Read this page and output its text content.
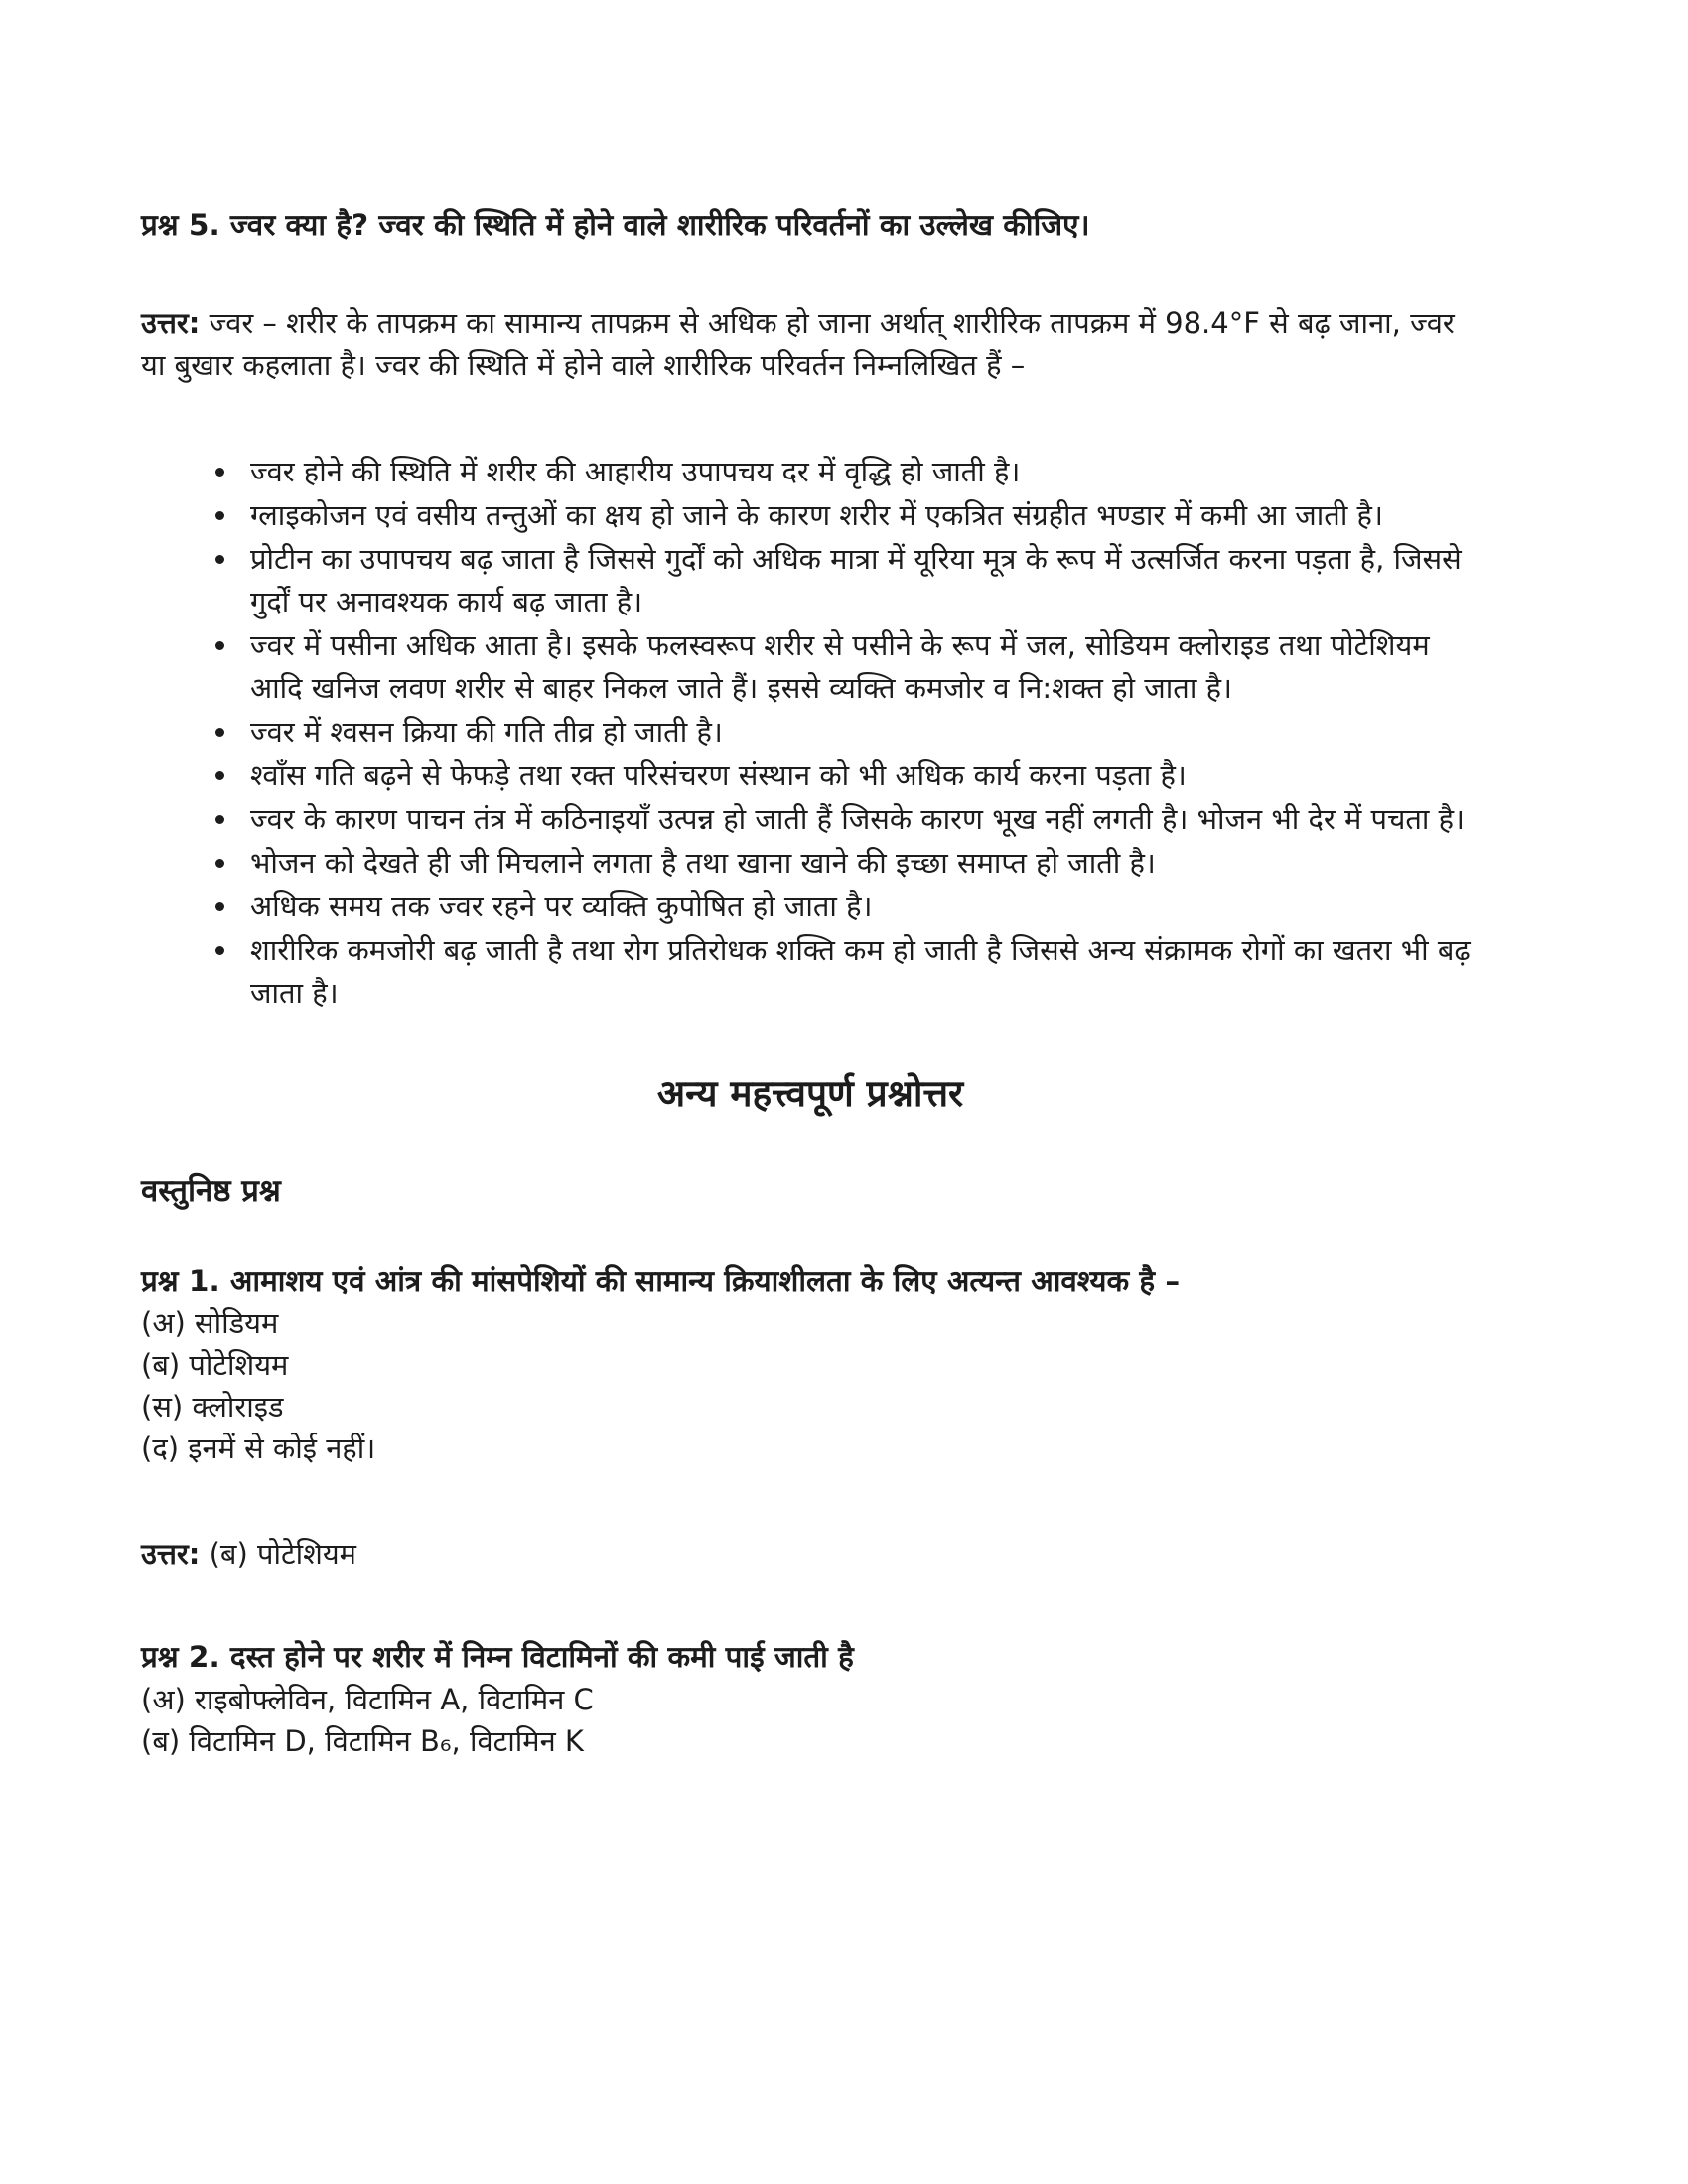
प्रश्न 5. ज्वर क्या है? ज्वर की स्थिति में होने वाले शारीरिक परिवर्तनों का उल्लेख कीजिए।

उत्तर: ज्वर – शरीर के तापक्रम का सामान्य तापक्रम से अधिक हो जाना अर्थात् शारीरिक तापक्रम में 98.4°F से बढ़ जाना, ज्वर या बुखार कहलाता है। ज्वर की स्थिति में होने वाले शारीरिक परिवर्तन निम्नलिखित हैं –

• ज्वर होने की स्थिति में शरीर की आहारीय उपापचय दर में वृद्धि हो जाती है।
• ग्लाइकोजन एवं वसीय तन्तुओं का क्षय हो जाने के कारण शरीर में एकत्रित संग्रहीत भण्डार में कमी आ जाती है।
• प्रोटीन का उपापचय बढ़ जाता है जिससे गुर्दों को अधिक मात्रा में यूरिया मूत्र के रूप में उत्सर्जित करना पड़ता है, जिससे गुर्दों पर अनावश्यक कार्य बढ़ जाता है।
• ज्वर में पसीना अधिक आता है। इसके फलस्वरूप शरीर से पसीने के रूप में जल, सोडियम क्लोराइड तथा पोटेशियम आदि खनिज लवण शरीर से बाहर निकल जाते हैं। इससे व्यक्ति कमजोर व नि:शक्त हो जाता है।
• ज्वर में श्वसन क्रिया की गति तीव्र हो जाती है।
• श्वाँस गति बढ़ने से फेफड़े तथा रक्त परिसंचरण संस्थान को भी अधिक कार्य करना पड़ता है।
• ज्वर के कारण पाचन तंत्र में कठिनाइयाँ उत्पन्न हो जाती हैं जिसके कारण भूख नहीं लगती है। भोजन भी देर में पचता है।
• भोजन को देखते ही जी मिचलाने लगता है तथा खाना खाने की इच्छा समाप्त हो जाती है।
• अधिक समय तक ज्वर रहने पर व्यक्ति कुपोषित हो जाता है।
• शारीरिक कमजोरी बढ़ जाती है तथा रोग प्रतिरोधक शक्ति कम हो जाती है जिससे अन्य संक्रामक रोगों का खतरा भी बढ़ जाता है।
अन्य महत्त्वपूर्ण प्रश्नोत्तर
वस्तुनिष्ठ प्रश्न

प्रश्न 1. आमाशय एवं आंत्र की मांसपेशियों की सामान्य क्रियाशीलता के लिए अत्यन्त आवश्यक है –

(अ) सोडियम
(ब) पोटेशियम
(स) क्लोराइड
(द) इनमें से कोई नहीं।

उत्तर: (ब) पोटेशियम

प्रश्न 2. दस्त होने पर शरीर में निम्न विटामिनों की कमी पाई जाती है

(अ) राइबोफ्लेविन, विटामिन A, विटामिन C
(ब) विटामिन D, विटामिन B₆, विटामिन K
